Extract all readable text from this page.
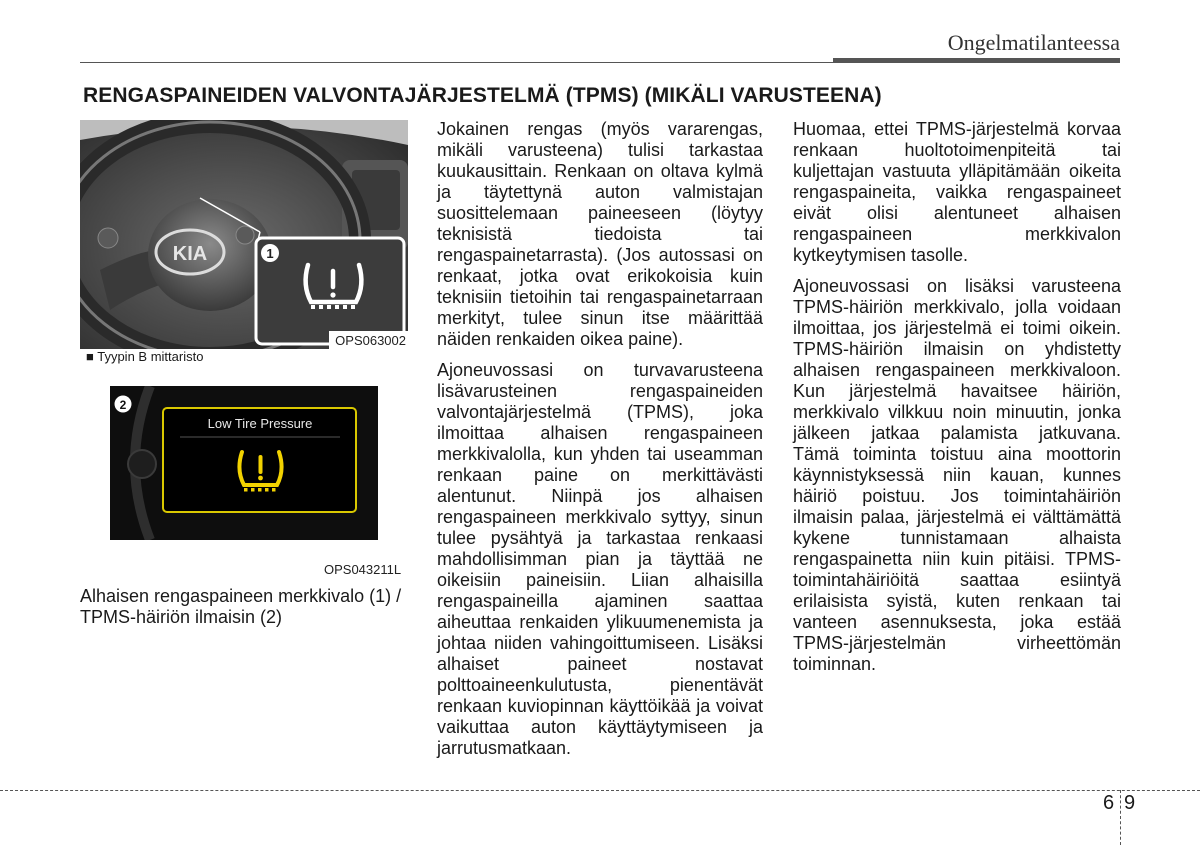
Ongelmatilanteessa
RENGASPAINEIDEN VALVONTAJÄRJESTELMÄ (TPMS) (MIKÄLI VARUSTEENA)
KIA	1
OPS063002
■ Tyypin B mittaristo
2
Low Tire Pressure
OPS043211L

Alhaisen rengaspaineen merkkivalo (1) / TPMS-häiriön ilmaisin (2)

Jokainen rengas (myös vararengas, mikäli varusteena) tulisi tarkastaa kuukausittain. Renkaan on oltava kylmä ja täytettynä auton valmistajan suosittelemaan paineeseen (löytyy teknisistä tiedoista tai rengaspainetarrasta). (Jos autossasi on renkaat, jotka ovat erikokoisia kuin teknisiin tietoihin tai rengaspainetarraan merkityt, tulee sinun itse määrittää näiden renkaiden oikea paine).

Ajoneuvossasi on turvavarusteena lisävarusteinen rengaspaineiden valvontajärjestelmä (TPMS), joka ilmoittaa alhaisen rengaspaineen merkkivalolla, kun yhden tai useamman renkaan paine on merkittävästi alentunut. Niinpä jos alhaisen rengaspaineen merkkivalo syttyy, sinun tulee pysähtyä ja tarkastaa renkaasi mahdollisimman pian ja täyttää ne oikeisiin paineisiin. Liian alhaisilla rengaspaineilla ajaminen saattaa aiheuttaa renkaiden ylikuumenemista ja johtaa niiden vahingoittumiseen. Lisäksi alhaiset paineet nostavat polttoaineenkulutusta, pienentävät renkaan kuviopinnan käyttöikää ja voivat vaikuttaa auton käyttäytymiseen ja jarrutusmatkaan.

Huomaa, ettei TPMS-järjestelmä korvaa renkaan huoltotoimenpiteitä tai kuljettajan vastuuta ylläpitämään oikeita rengaspaineita, vaikka rengaspaineet eivät olisi alentuneet alhaisen rengaspaineen merkkivalon kytkeytymisen tasolle.

Ajoneuvossasi on lisäksi varusteena TPMS-häiriön merkkivalo, jolla voidaan ilmoittaa, jos järjestelmä ei toimi oikein. TPMS-häiriön ilmaisin on yhdistetty alhaisen rengaspaineen merkkivaloon. Kun järjestelmä havaitsee häiriön, merkkivalo vilkkuu noin minuutin, jonka jälkeen jatkaa palamista jatkuvana. Tämä toiminta toistuu aina moottorin käynnistyksessä niin kauan, kunnes häiriö poistuu. Jos toimintahäiriön ilmaisin palaa, järjestelmä ei välttämättä kykene tunnistamaan alhaista rengaspainetta niin kuin pitäisi. TPMS-toimintahäiriöitä saattaa esiintyä erilaisista syistä, kuten renkaan tai vanteen asennuksesta, joka estää TPMS-järjestelmän virheettömän toiminnan.

6 9
